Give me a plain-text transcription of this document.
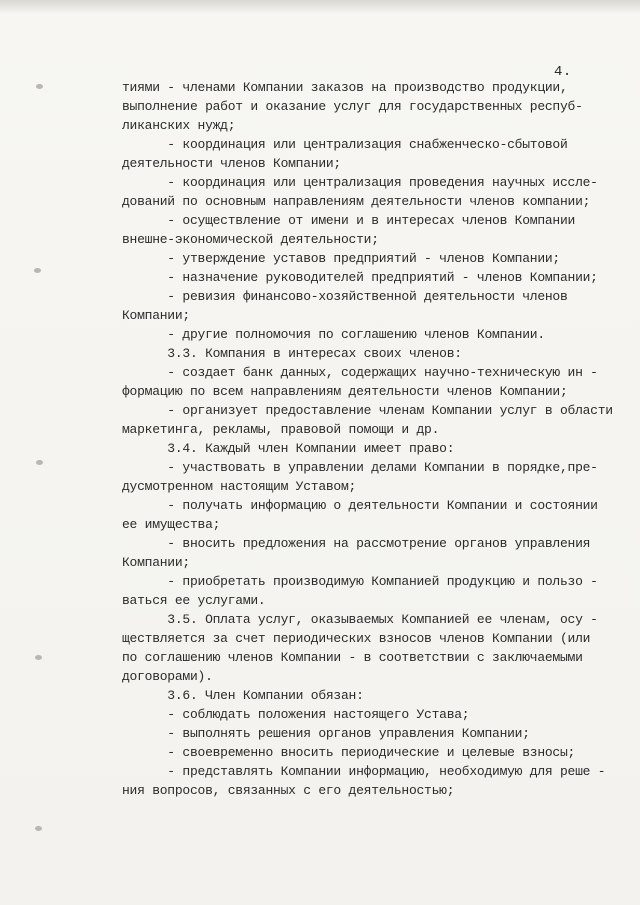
4.
тиями - членами Компании заказов на производство продукции,
выполнение работ и оказание услуг для государственных респуб-
ликанских нужд;
- координация или централизация снабженческо-сбытовой
деятельности членов Компании;
- координация или централизация проведения научных иссле-
дований по основным направлениям деятельности членов компании;
- осуществление от имени и в интересах членов Компании
внешне-экономической деятельности;
- утверждение уставов предприятий - членов Компании;
- назначение руководителей предприятий - членов Компании;
- ревизия финансово-хозяйственной деятельности членов
Компании;
- другие полномочия по соглашению членов Компании.
3.3. Компания в интересах своих членов:
- создает банк данных, содержащих научно-техническую ин -
формацию по всем направлениям деятельности членов Компании;
- организует предоставление членам Компании услуг в области
маркетинга, рекламы, правовой помощи и др.
3.4. Каждый член Компании имеет право:
- участвовать в управлении делами Компании в порядке,пре-
дусмотренном настоящим Уставом;
- получать информацию о деятельности Компании и состоянии
ее имущества;
- вносить предложения на рассмотрение органов управления
Компании;
- приобретать производимую Компанией продукцию и пользо -
ваться ее услугами.
3.5. Оплата услуг, оказываемых Компанией ее членам, осу -
ществляется за счет периодических взносов членов Компании (или
по соглашению членов Компании - в соответствии с заключаемыми
договорами).
3.6. Член Компании обязан:
- соблюдать положения настоящего Устава;
- выполнять решения органов управления Компании;
- своевременно вносить периодические и целевые взносы;
- представлять Компании информацию, необходимую для реше -
ния вопросов, связанных с его деятельностью;
